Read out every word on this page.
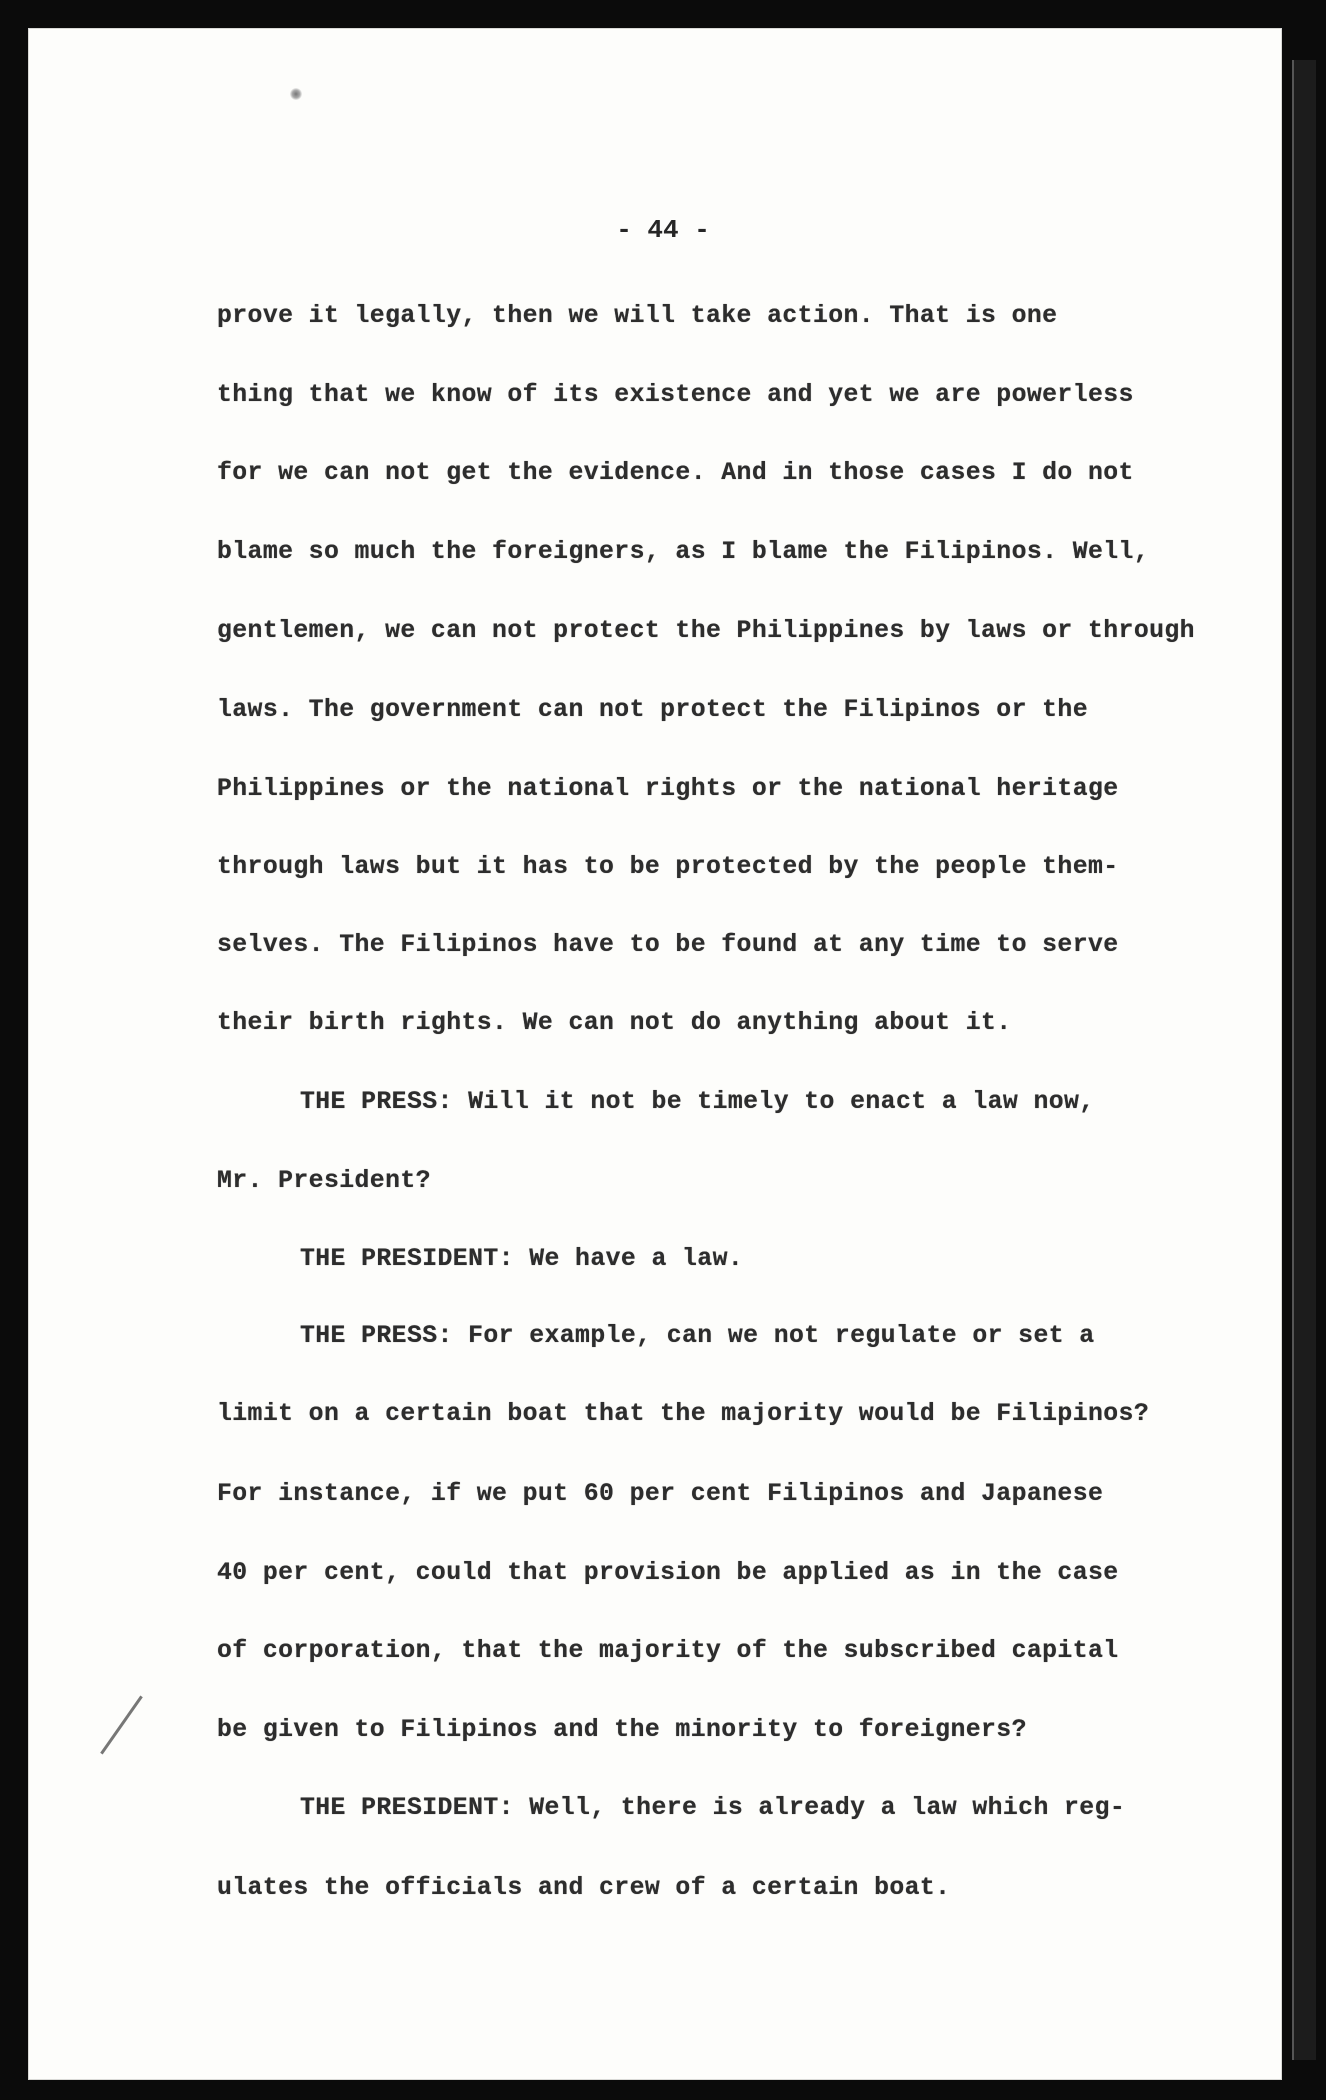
- 44 -
prove it legally, then we will take action. That is one
thing that we know of its existence and yet we are powerless
for we can not get the evidence. And in those cases I do not
blame so much the foreigners, as I blame the Filipinos. Well,
gentlemen, we can not protect the Philippines by laws or through
laws. The government can not protect the Filipinos or the
Philippines or the national rights or the national heritage
through laws but it has to be protected by the people them-
selves. The Filipinos have to be found at any time to serve
their birth rights. We can not do anything about it.
THE PRESS: Will it not be timely to enact a law now,
Mr. President?
THE PRESIDENT: We have a law.
THE PRESS: For example, can we not regulate or set a
limit on a certain boat that the majority would be Filipinos?
For instance, if we put 60 per cent Filipinos and Japanese
40 per cent, could that provision be applied as in the case
of corporation, that the majority of the subscribed capital
be given to Filipinos and the minority to foreigners?
THE PRESIDENT: Well, there is already a law which reg-
ulates the officials and crew of a certain boat.
